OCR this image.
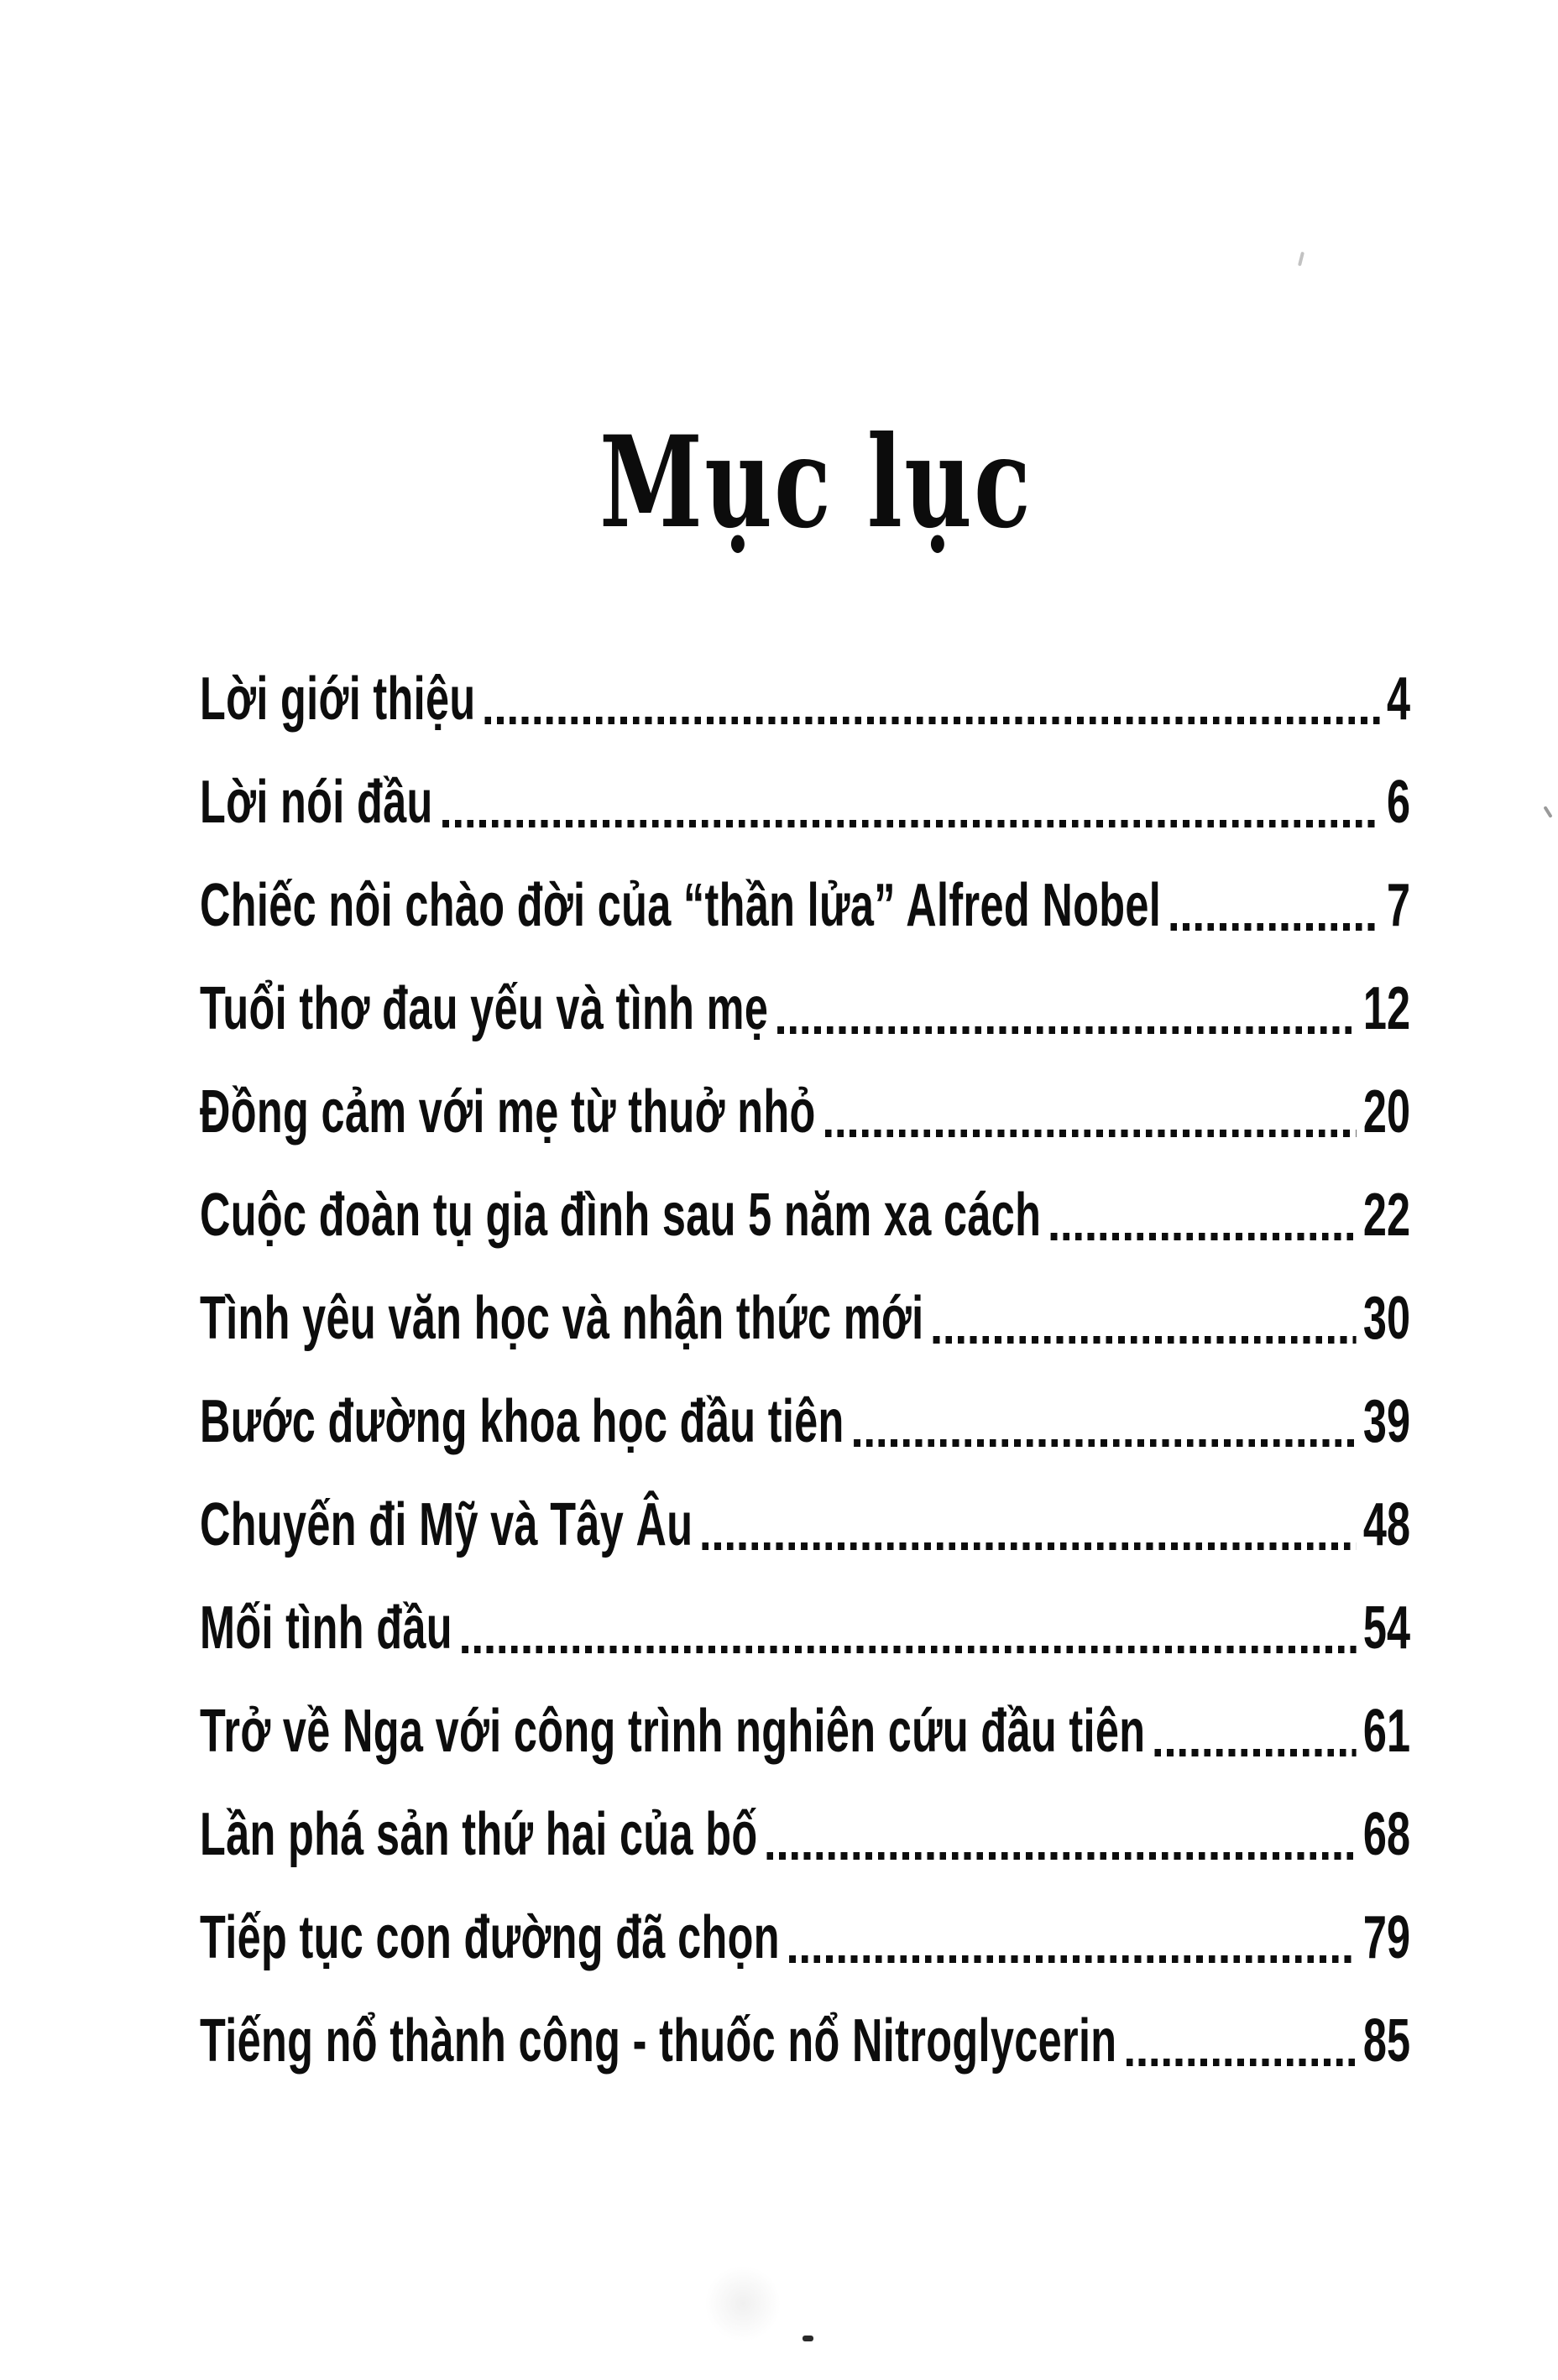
Mục lục
Lời giới thiệu	4
Lời nói đầu	6
Chiếc nôi chào đời của “thần lửa” Alfred Nobel	7
Tuổi thơ đau yếu và tình mẹ	12
Đồng cảm với mẹ từ thuở nhỏ	20
Cuộc đoàn tụ gia đình sau 5 năm xa cách	22
Tình yêu văn học và nhận thức mới	30
Bước đường khoa học đầu tiên	39
Chuyến đi Mỹ và Tây Âu	48
Mối tình đầu	54
Trở về Nga với công trình nghiên cứu đầu tiên	61
Lần phá sản thứ hai của bố	68
Tiếp tục con đường đã chọn	79
Tiếng nổ thành công - thuốc nổ Nitroglycerin	85
